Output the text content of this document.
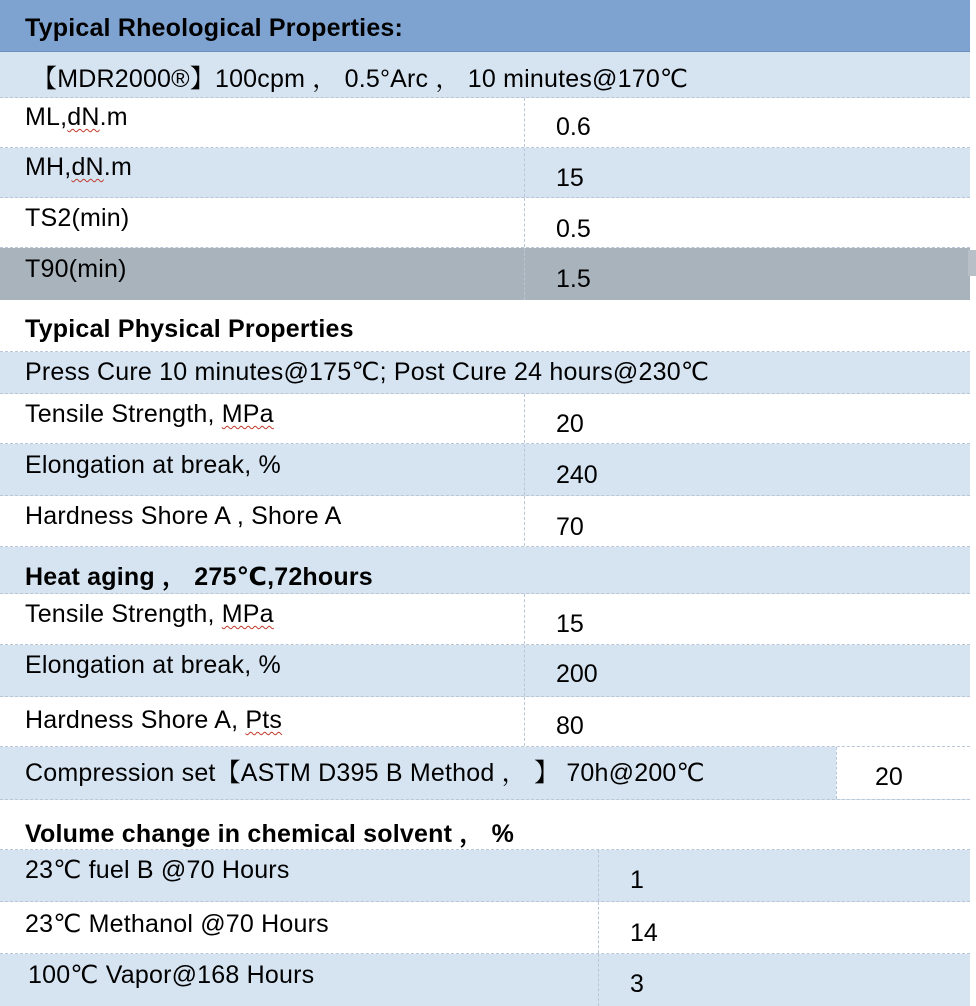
Typical Rheological Properties:
【MDR2000®】100cpm ， 0.5°Arc ， 10 minutes@170℃
ML,dN.m	0.6
MH,dN.m	15
TS2(min)	0.5
T90(min)	1.5
Typical Physical Properties
Press Cure 10 minutes@175℃; Post Cure 24 hours@230℃
Tensile Strength, MPa	20
Elongation at break, %	240
Hardness Shore A , Shore A	70
Heat aging ， 275℃,72hours
Tensile Strength, MPa	15
Elongation at break, %	200
Hardness Shore A, Pts	80
Compression set【ASTM D395 B Method ， 】 70h@200℃	20
Volume change in chemical solvent ， %
23℃ fuel B @70 Hours	1
23℃ Methanol @70 Hours	14
100℃ Vapor@168 Hours	3
